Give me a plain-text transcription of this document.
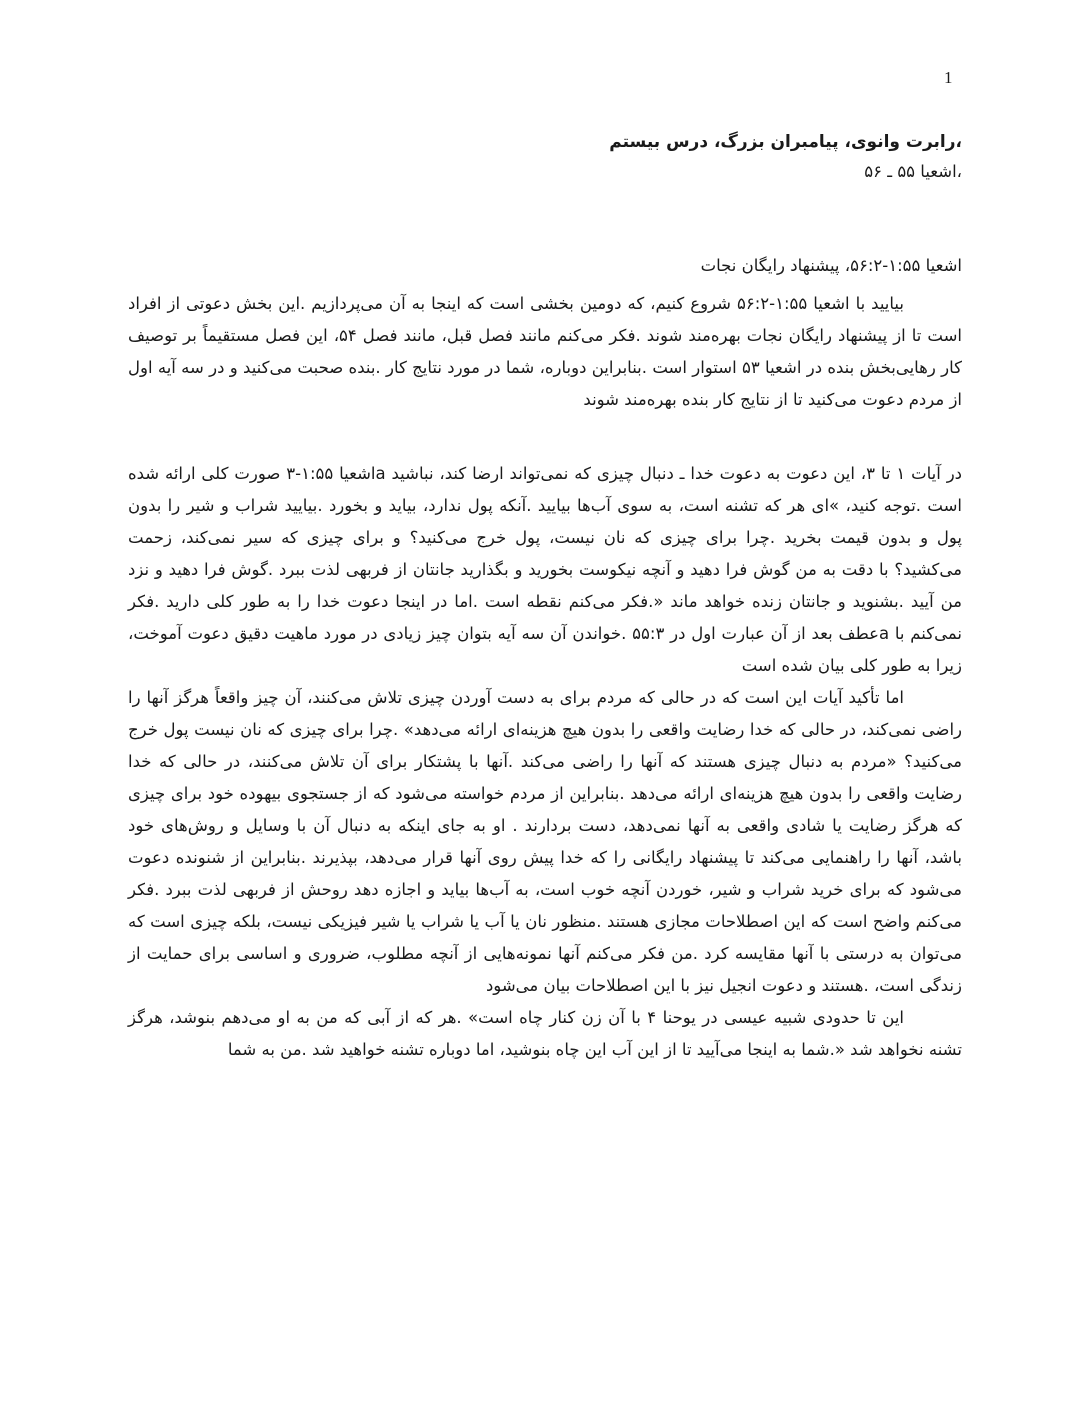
1
،رابرت وانوی، پیامبران بزرگ، درس بیستم
،اشعیا ۵۵ ـ ۵۶
اشعیا ۱:۵۵-۵۶:۲، پیشنهاد رایگان نجات

بیایید با اشعیا ۱:۵۵-۵۶:۲ شروع کنیم، که دومین بخشی است که اینجا به آن می‌پردازیم .این بخش دعوتی از افراد است تا از پیشنهاد رایگان نجات بهره‌مند شوند .فکر می‌کنم مانند فصل قبل، مانند فصل ۵۴، این فصل مستقیماً بر توصیف کار رهایی‌بخش بنده در اشعیا ۵۳ استوار است .بنابراین دوباره، شما در مورد نتایج کار .بنده صحبت می‌کنید و در سه آیه اول از مردم دعوت می‌کنید تا از نتایج کار بنده بهره‌مند شوند

در آیات ۱ تا ۳، این دعوت به دعوت خدا ـ دنبال چیزی که نمی‌تواند ارضا کند، نباشید aاشعیا ۱:۵۵-۳ صورت کلی ارائه شده است .توجه کنید، »ای هر که تشنه است، به سوی آب‌ها بیایید .آنکه پول ندارد، بیاید و بخورد .بیایید شراب و شیر را بدون پول و بدون قیمت بخرید .چرا برای چیزی که نان نیست، پول خرج می‌کنید؟ و برای چیزی که سیر نمی‌کند، زحمت می‌کشید؟ با دقت به من گوش فرا دهید و آنچه نیکوست بخورید و بگذارید جانتان از فربهی لذت ببرد .گوش فرا دهید و نزد من آیید .بشنوید و جانتان زنده خواهد ماند «.فکر می‌کنم نقطه است .اما در اینجا دعوت خدا را به طور کلی دارید .فکر نمی‌کنم با aعطف بعد از آن عبارت اول در ۵۵:۳ .خواندن آن سه آیه بتوان چیز زیادی در مورد ماهیت دقیق دعوت آموخت، زیرا به طور کلی بیان شده است

اما تأکید آیات این است که در حالی که مردم برای به دست آوردن چیزی تلاش می‌کنند، آن چیز واقعاً هرگز آنها را راضی نمی‌کند، در حالی که خدا رضایت واقعی را بدون هیچ هزینه‌ای ارائه می‌دهد» .چرا برای چیزی که نان نیست پول خرج می‌کنید؟ «مردم به دنبال چیزی هستند که آنها را راضی می‌کند .آنها با پشتکار برای آن تلاش می‌کنند، در حالی که خدا رضایت واقعی را بدون هیچ هزینه‌ای ارائه می‌دهد .بنابراین از مردم خواسته می‌شود که از جستجوی بیهوده خود برای چیزی که هرگز رضایت یا شادی واقعی به آنها نمی‌دهد، دست بردارند . او به جای اینکه به دنبال آن با وسایل و روش‌های خود باشد، آنها را راهنمایی می‌کند تا پیشنهاد رایگانی را که خدا پیش روی آنها قرار می‌دهد، بپذیرند .بنابراین از شنونده دعوت می‌شود که برای خرید شراب و شیر، خوردن آنچه خوب است، به آب‌ها بیاید و اجازه دهد روحش از فربهی لذت ببرد .فکر می‌کنم واضح است که این اصطلاحات مجازی هستند .منظور نان یا آب یا شراب یا شیر فیزیکی نیست، بلکه چیزی است که می‌توان به درستی با آنها مقایسه کرد .من فکر می‌کنم آنها نمونه‌هایی از آنچه مطلوب، ضروری و اساسی برای حمایت از زندگی است، .هستند و دعوت انجیل نیز با این اصطلاحات بیان می‌شود

این تا حدودی شبیه عیسی در یوحنا ۴ با آن زن کنار چاه است» .هر که از آبی که من به او می‌دهم بنوشد، هرگز تشنه نخواهد شد «.شما به اینجا می‌آیید تا از این آب این چاه بنوشید، اما دوباره تشنه خواهید شد .من به شما
